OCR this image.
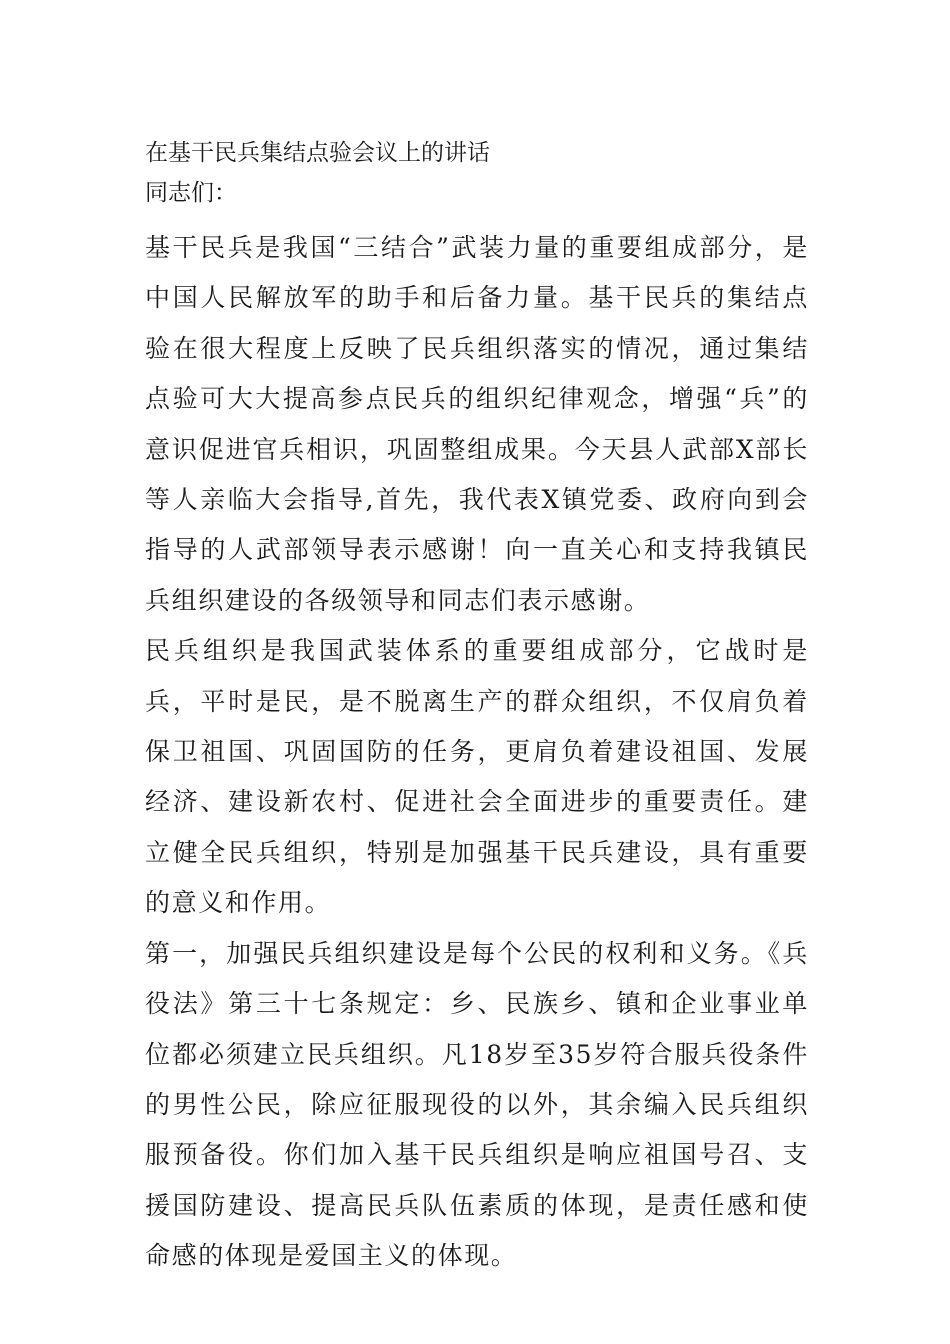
在基干民兵集结点验会议上的讲话

同志们：

基干民兵是我国“三结合”武装力量的重要组成部分，是中国人民解放军的助手和后备力量。基干民兵的集结点验在很大程度上反映了民兵组织落实的情况，通过集结点验可大大提高参点民兵的组织纪律观念，增强“兵”的意识促进官兵相识，巩固整组成果。今天县人武部X部长等人亲临大会指导,首先，我代表X镇党委、政府向到会指导的人武部领导表示感谢！向一直关心和支持我镇民兵组织建设的各级领导和同志们表示感谢。

民兵组织是我国武装体系的重要组成部分，它战时是兵，平时是民，是不脱离生产的群众组织，不仅肩负着保卫祖国、巩固国防的任务，更肩负着建设祖国、发展经济、建设新农村、促进社会全面进步的重要责任。建立健全民兵组织，特别是加强基干民兵建设，具有重要的意义和作用。

第一，加强民兵组织建设是每个公民的权利和义务。《兵役法》第三十七条规定：乡、民族乡、镇和企业事业单位都必须建立民兵组织。凡18岁至35岁符合服兵役条件的男性公民，除应征服现役的以外，其余编入民兵组织服预备役。你们加入基干民兵组织是响应祖国号召、支援国防建设、提高民兵队伍素质的体现，是责任感和使命感的体现是爱国主义的体现。
